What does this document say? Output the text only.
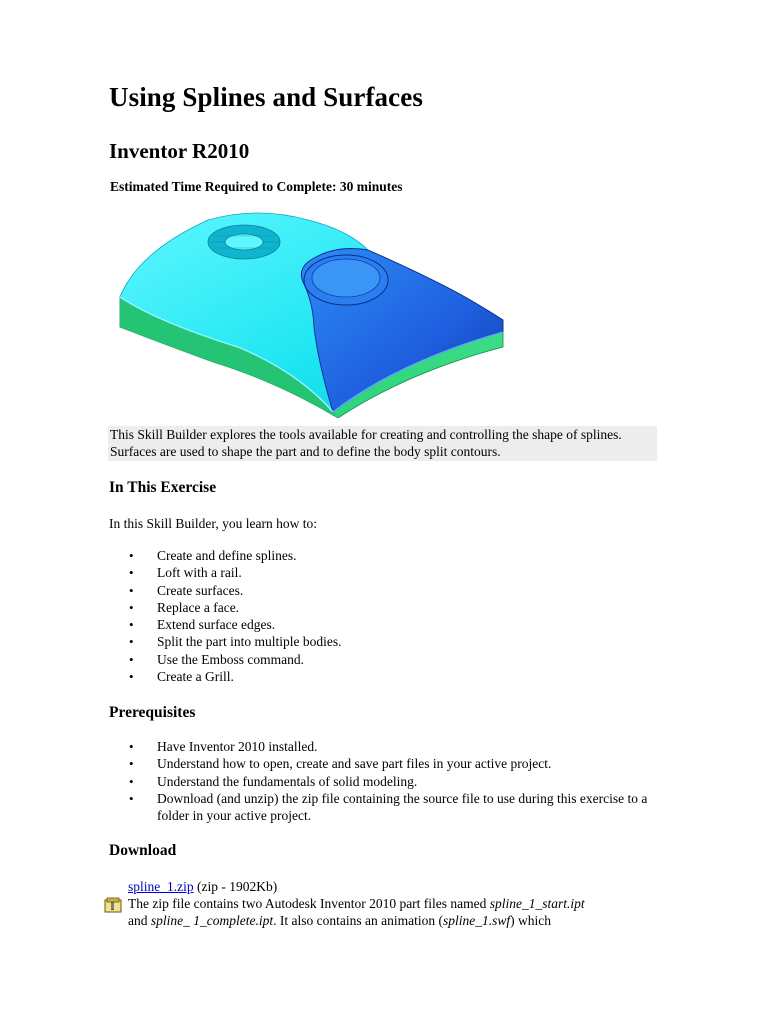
Using Splines and Surfaces
Inventor R2010

Estimated Time Required to Complete: 30 minutes

This Skill Builder explores the tools available for creating and controlling the shape of splines. Surfaces are used to shape the part and to define the body split contours.
In This Exercise

In this Skill Builder, you learn how to:

• Create and define splines.
• Loft with a rail.
• Create surfaces.
• Replace a face.
• Extend surface edges.
• Split the part into multiple bodies.
• Use the Emboss command.
• Create a Grill.
Prerequisites
• Have Inventor 2010 installed.
• Understand how to open, create and save part files in your active project.
• Understand the fundamentals of solid modeling.
• Download (and unzip) the zip file containing the source file to use during this exercise to a folder in your active project.
Download
spline_1.zip (zip - 1902Kb)
The zip file contains two Autodesk Inventor 2010 part files named spline_1_start.ipt
and spline_ 1_complete.ipt. It also contains an animation (spline_1.swf) which
